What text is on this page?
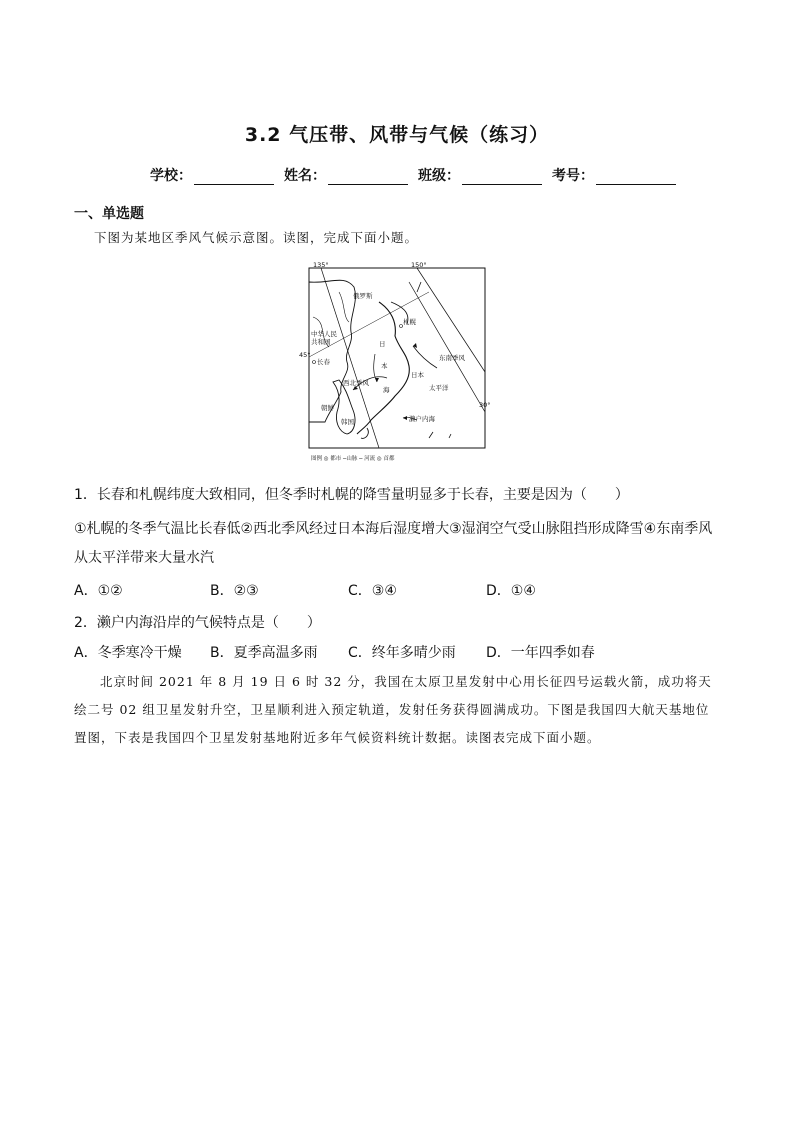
3.2 气压带、风带与气候（练习）
学校：	姓名：	班级：	考号：
一、单选题
下图为某地区季风气候示意图。读图，完成下面小题。
135°	150°
45°
30°
俄罗斯
中华人民
共和国
长春
札幌
日
本
海
西北季风
东南季风
日本
太平洋
濑户内海
朝鲜
韩国
图例 ◎ 都市 ─山脉 ─ 河流 ◎ 首都
1．长春和札幌纬度大致相同，但冬季时札幌的降雪量明显多于长春，主要是因为（　　）
①札幌的冬季气温比长春低②西北季风经过日本海后湿度增大③湿润空气受山脉阻挡形成降雪④东南季风
从太平洋带来大量水汽
A．①②	B．②③	C．③④	D．①④
2．濑户内海沿岸的气候特点是（　　）
A．冬季寒冷干燥 B．夏季高温多雨 C．终年多晴少雨 D．一年四季如春
北京时间 2021 年 8 月 19 日 6 时 32 分，我国在太原卫星发射中心用长征四号运载火箭，成功将天绘二号 02 组卫星发射升空，卫星顺利进入预定轨道，发射任务获得圆满成功。下图是我国四大航天基地位置图，下表是我国四个卫星发射基地附近多年气候资料统计数据。读图表完成下面小题。
